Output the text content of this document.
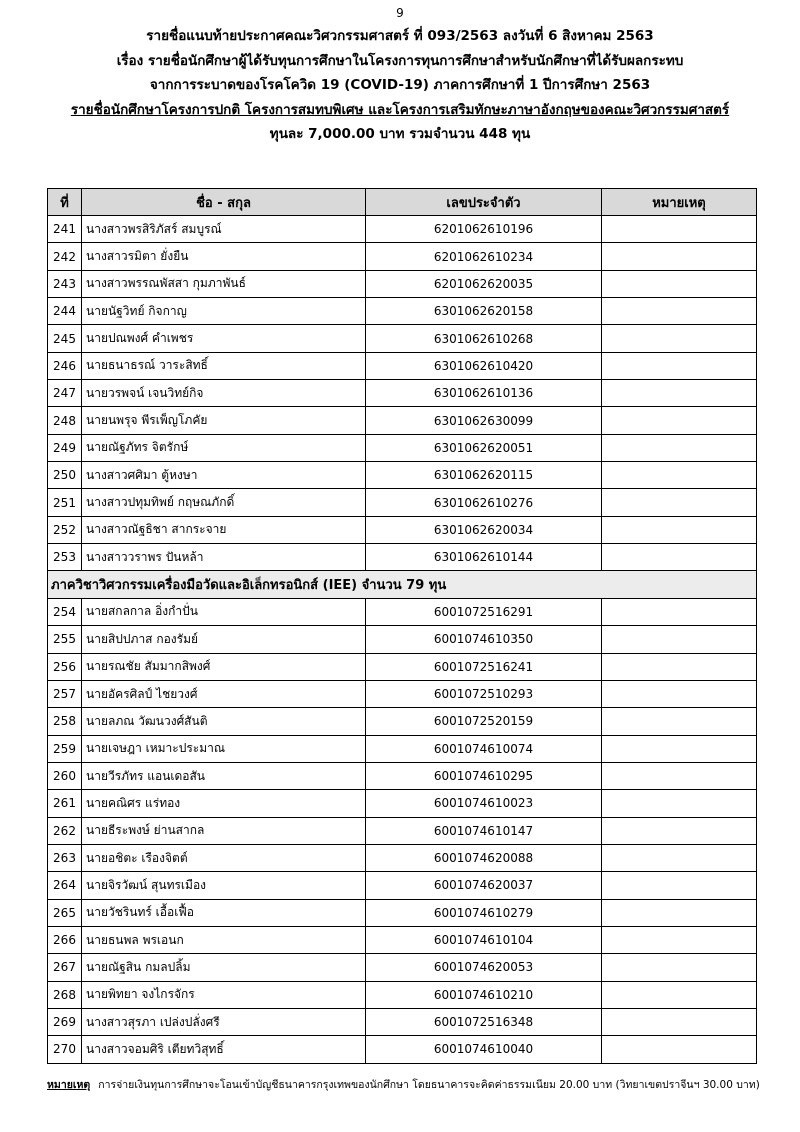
9
รายชื่อแนบท้ายประกาศคณะวิศวกรรมศาสตร์ ที่ 093/2563 ลงวันที่ 6 สิงหาคม 2563
เรื่อง รายชื่อนักศึกษาผู้ได้รับทุนการศึกษาในโครงการทุนการศึกษาสำหรับนักศึกษาที่ได้รับผลกระทบ
จากการระบาดของโรคโควิด 19 (COVID-19) ภาคการศึกษาที่ 1 ปีการศึกษา 2563
รายชื่อนักศึกษาโครงการปกติ โครงการสมทบพิเศษ และโครงการเสริมทักษะภาษาอังกฤษของคณะวิศวกรรมศาสตร์
ทุนละ 7,000.00 บาท รวมจำนวน 448 ทุน
ที่	ชื่อ - สกุล	เลขประจำตัว	หมายเหตุ
241	นางสาวพรสิริภัสร์ สมบูรณ์	6201062610196	
242	นางสาวรมิตา ยั่งยืน	6201062610234	
243	นางสาวพรรณพัสสา กุมภาพันธ์	6201062620035	
244	นายนัฐวิทย์ กิจกาญ	6301062620158	
245	นายปณพงศ์ คำเพชร	6301062610268	
246	นายธนาธรณ์ วาระสิทธิ์	6301062610420	
247	นายวรพจน์ เจนวิทย์กิจ	6301062610136	
248	นายนพรุจ พีรเพ็ญโภคัย	6301062630099	
249	นายณัฐภัทร จิตรักษ์	6301062620051	
250	นางสาวศศิมา ตู้หงษา	6301062620115	
251	นางสาวปทุมทิพย์ กฤษณภักดิ์	6301062610276	
252	นางสาวณัฐธิชา สากระจาย	6301062620034	
253	นางสาววราพร ปันหล้า	6301062610144	
ภาควิชาวิศวกรรมเครื่องมือวัดและอิเล็กทรอนิกส์ (IEE) จำนวน 79 ทุน			
254	นายสกลกาล อิ่งกำปั่น	6001072516291	
255	นายสิปปภาส กองรัมย์	6001074610350	
256	นายรณชัย สัมมากสิพงศ์	6001072516241	
257	นายอัครศิลป์ ไชยวงศ์	6001072510293	
258	นายลภณ วัฒนวงศ์สันติ	6001072520159	
259	นายเจษฎา เหมาะประมาณ	6001074610074	
260	นายวีรภัทร แอนเดอสัน	6001074610295	
261	นายคณิศร แร่ทอง	6001074610023	
262	นายธีระพงษ์ ย่านสากล	6001074610147	
263	นายอชิตะ เรืองจิตต์	6001074620088	
264	นายจิรวัฒน์ สุนทรเมือง	6001074620037	
265	นายวัชรินทร์ เอื้อเฟื้อ	6001074610279	
266	นายธนพล พรเอนก	6001074610104	
267	นายณัฐสิน กมลปลิ้ม	6001074620053	
268	นายพิทยา จงไกรจักร	6001074610210	
269	นางสาวสุรภา เปล่งปลั่งศรี	6001072516348	
270	นางสาวจอมศิริ เตียทวิสุทธิ์	6001074610040	
หมายเหตุ การจ่ายเงินทุนการศึกษาจะโอนเข้าบัญชีธนาคารกรุงเทพของนักศึกษา โดยธนาคารจะคิดค่าธรรมเนียม 20.00 บาท (วิทยาเขตปราจีนฯ 30.00 บาท)
